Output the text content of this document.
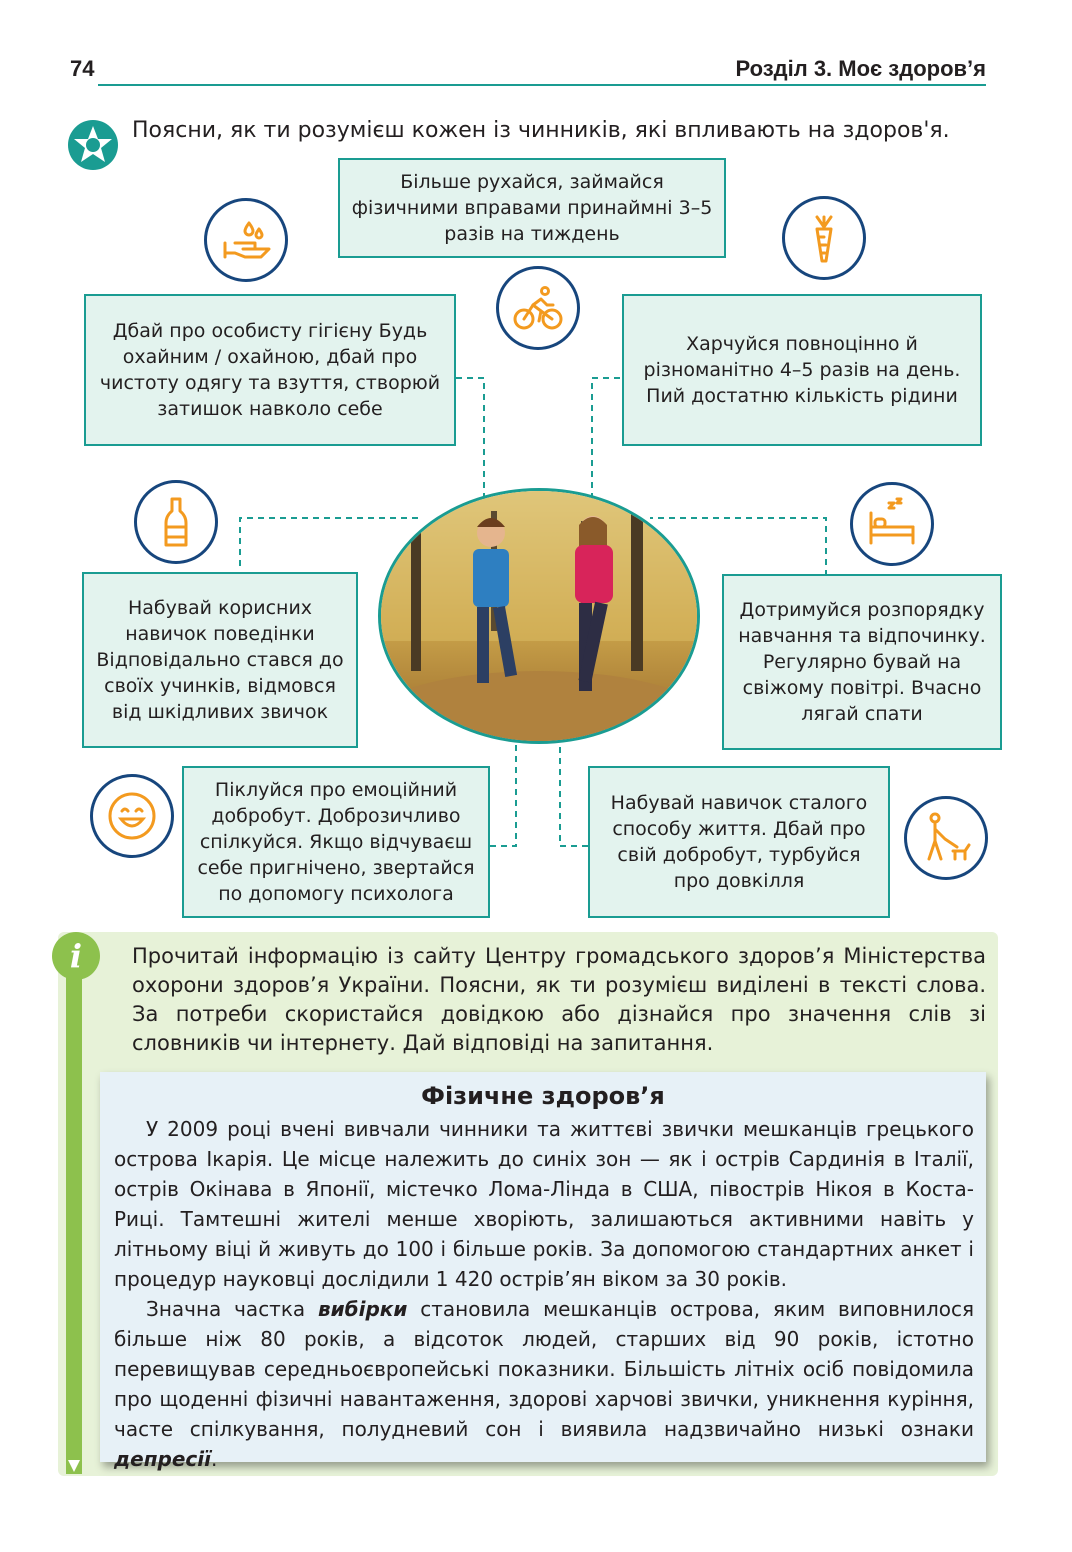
74	Розділ 3. Моє здоров’я
Поясни, як ти розумієш кожен із чинників, які впливають на здоров'я.
Більше рухайся, займайся фізичними вправами принаймні 3–5 разів на тиждень
Дбай про особисту гігієну Будь охайним / охайною, дбай про чистоту одягу та взуття, створюй затишок навколо себе
Харчуйся повноцінно й різноманітно 4–5 разів на день. Пий достатню кількість рідини
Набувай корисних навичок поведінки Відповідально стався до своїх учинків, відмовся від шкідливих звичок
Дотримуйся розпорядку навчання та відпочинку. Регулярно бувай на свіжому повітрі. Вчасно лягай спати
Піклуйся про емоційний добробут. Доброзичливо спілкуйся. Якщо відчуваєш себе пригнічено, звертайся по допомогу психолога
Набувай навичок сталого способу життя. Дбай про свій добробут, турбуйся про довкілля
i	Прочитай інформацію із сайту Центру громадського здоров’я Міністерства охорони здоров’я України. Поясни, як ти розумієш виділені в тексті слова. За потреби скористайся довідкою або дізнайся про значення слів зі словників чи інтернету. Дай відповіді на запитання.
Фізичне здоров’я
У 2009 році вчені вивчали чинники та життєві звички мешканців грецького острова Ікарія. Це місце належить до синіх зон — як і острів Сардинія в Італії, острів Окінава в Японії, містечко Лома-Лінда в США, півострів Нікоя в Коста-Риці. Тамтешні жителі менше хворіють, залишаються активними навіть у літньому віці й живуть до 100 і більше років. За допомогою стандартних анкет і процедур науковці дослідили 1 420 острів’ян віком за 30 років.
Значна частка вибірки становила мешканців острова, яким виповнилося більше ніж 80 років, а відсоток людей, старших від 90 років, істотно перевищував середньоєвропейські показники. Більшість літніх осіб повідомила про щоденні фізичні навантаження, здорові харчові звички, уникнення куріння, часте спілкування, полудневий сон і виявила надзвичайно низькі ознаки депресії.
